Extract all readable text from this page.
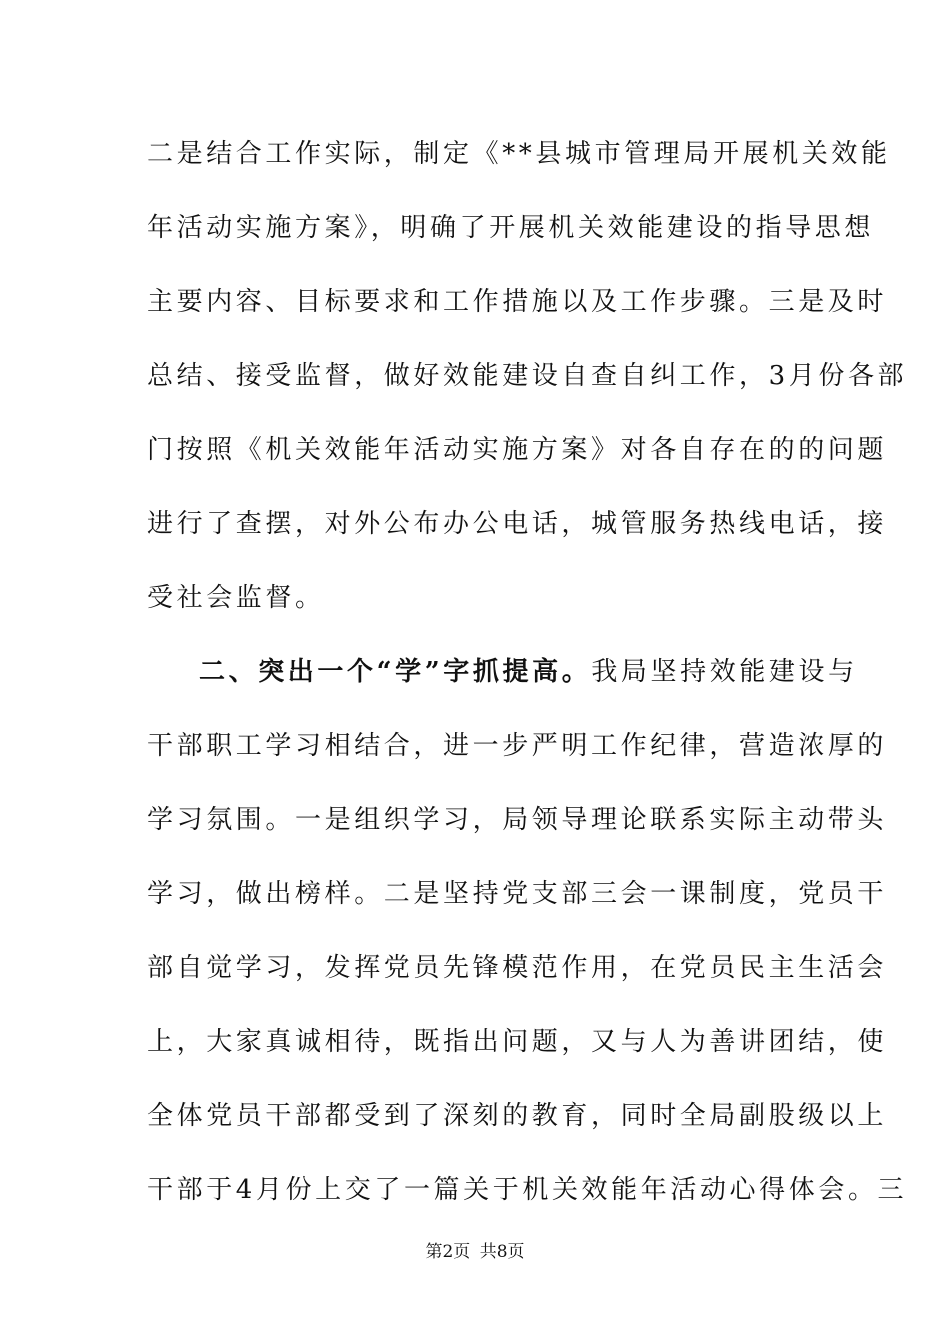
二是结合工作实际，制定《**县城市管理局开展机关效能
年活动实施方案》，明确了开展机关效能建设的指导思想
主要内容、目标要求和工作措施以及工作步骤。三是及时
总结、接受监督，做好效能建设自查自纠工作，3月份各部
门按照《机关效能年活动实施方案》对各自存在的的问题
进行了查摆，对外公布办公电话，城管服务热线电话，接
受社会监督。
二、突出一个“学”字抓提高。我局坚持效能建设与
干部职工学习相结合，进一步严明工作纪律，营造浓厚的
学习氛围。一是组织学习，局领导理论联系实际主动带头
学习，做出榜样。二是坚持党支部三会一课制度，党员干
部自觉学习，发挥党员先锋模范作用，在党员民主生活会
上，大家真诚相待，既指出问题，又与人为善讲团结，使
全体党员干部都受到了深刻的教育，同时全局副股级以上
干部于4月份上交了一篇关于机关效能年活动心得体会。三
第2页 共8页
